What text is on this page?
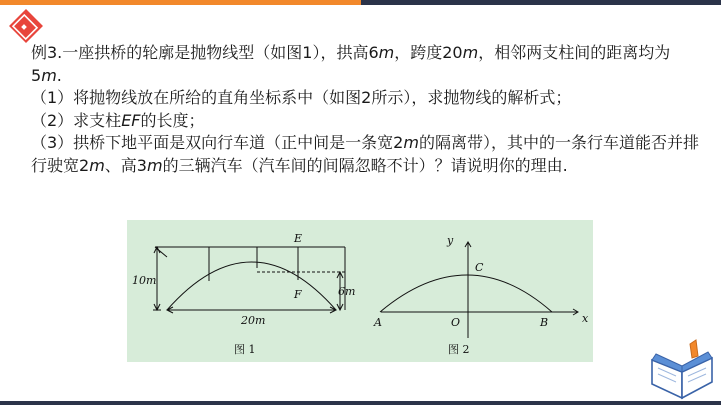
例3.一座拱桥的轮廓是抛物线型（如图1），拱高6m，跨度20m，相邻两支柱间的距离均为5m.

（1）将抛物线放在所给的直角坐标系中（如图2所示），求抛物线的解析式；

（2）求支柱EF的长度；

（3）拱桥下地平面是双向行车道（正中间是一条宽2m的隔离带），其中的一条行车道能否并排行驶宽2m、高3m的三辆汽车（汽车间的间隔忽略不计）？请说明你的理由.

E
F
10m
6m
20m
图 1
y
x
C
A	O	B
图 2
